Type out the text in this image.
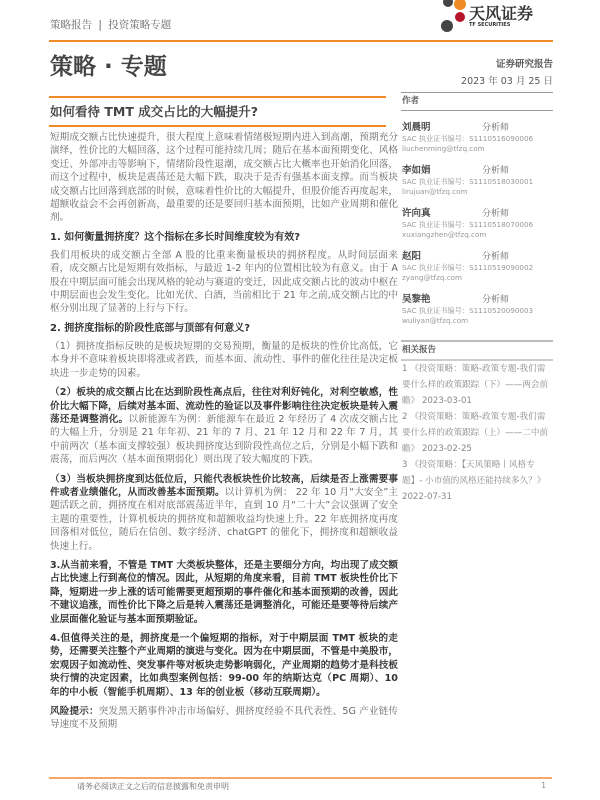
策略报告 | 投资策略专题
天风证券
TF SECURITIES
策略 · 专题	证券研究报告
2023 年 03 月 25 日
如何看待 TMT 成交占比的大幅提升?
短期成交额占比快速提升，很大程度上意味着情绪极短期内进入到高潮，预期充分演绎，性价比的大幅回落，这个过程可能持续几周；随后在基本面预期变化、风格变迁、外部冲击等影响下，情绪阶段性退潮，成交额占比大概率也开始消化回落，而这个过程中，板块是震荡还是大幅下跌，取决于是否有强基本面支撑。而当板块成交额占比回落到底部的时候，意味着性价比的大幅提升，但股价能否再度起来，超额收益会不会再创新高，最重要的还是要回归基本面预期，比如产业周期和催化剂。
1. 如何衡量拥挤度？这个指标在多长时间维度较为有效?
我们用板块的成交额占全部 A 股的比重来衡量板块的拥挤程度。从时间层面来看，成交额占比是短期有效指标，与最近 1-2 年内的位置相比较为有意义。由于 A 股在中期层面可能会出现风格的轮动与赛道的变迁，因此成交额占比的波动中枢在中期层面也会发生变化。比如光伏、白酒，当前相比于 21 年之前,成交额占比的中枢分别出现了显著的上行与下行。
2. 拥挤度指标的阶段性底部与顶部有何意义?
（1）拥挤度指标反映的是板块短期的交易预期，衡量的是板块的性价比高低，它本身并不意味着板块即将涨或者跌，而基本面、流动性、事件的催化往往是决定板块进一步走势的因素。
（2）板块的成交额占比在达到阶段性高点后，往往对利好钝化，对利空敏感，性价比大幅下降，后续对基本面、流动性的验证以及事件影响往往决定板块是转入震荡还是调整消化。以新能源车为例：新能源车在最近 2 年经历了 4 次成交额占比的大幅上升，分别是 21 年年初、21 年的 7 月、21 年 12 月和 22 年 7 月，其中前两次（基本面支撑较强）板块拥挤度达到阶段性高位之后，分别是小幅下跌和震荡，而后两次（基本面预期弱化）则出现了较大幅度的下跌。
（3）当板块拥挤度到达低位后，只能代表板块性价比较高，后续是否上涨需要事件或者业绩催化，从而改善基本面预期。以计算机为例： 22 年 10 月“大安全”主题活跃之前，拥挤度在相对底部震荡近半年，直到 10 月“二十大”会议强调了安全主题的重要性，计算机板块的拥挤度和超额收益均快速上升。22 年底拥挤度再度回落相对低位，随后在信创、数字经济、chatGPT 的催化下，拥挤度和超额收益快速上行。
3.从当前来看，不管是 TMT 大类板块整体，还是主要细分方向，均出现了成交额占比快速上行到高位的情况。因此，从短期的角度来看，目前 TMT 板块性价比下降，短期进一步上涨的话可能需要更超预期的事件催化和基本面预期的改善，因此不建议追涨，而性价比下降之后是转入震荡还是调整消化，可能还是要等待后续产业层面催化验证与基本面预期验证。
4.但值得关注的是，拥挤度是一个偏短期的指标，对于中期层面 TMT 板块的走势，还需要关注整个产业周期的演进与变化。因为在中期层面，不管是中美股市，宏观因子如流动性、突发事件等对板块走势影响弱化，产业周期的趋势才是科技板块行情的决定因素，比如典型案例包括：99-00 年的纳斯达克（PC 周期）、10 年的中小板（智能手机周期）、13 年的创业板（移动互联周期）。
风险提示：突发黑天鹅事件冲击市场偏好、拥挤度经验不具代表性、5G 产业链传导速度不及预期
作者
刘晨明	分析师
SAC 执业证书编号：S1110516090006
liuchenming@tfzq.com
李如娟	分析师
SAC 执业证书编号：S1110518030001
lirujuan@tfzq.com
许向真	分析师
SAC 执业证书编号：S1110518070006
xuxiangzhen@tfzq.com
赵阳	分析师
SAC 执业证书编号：S1110519090002
zyang@tfzq.com
吴黎艳	分析师
SAC 执业证书编号：S1110520090003
wuliyan@tfzq.com
相关报告
1 《投资策略：策略-政策专题-我们需要什么样的政策跟踪（下）——两会前瞻》 2023-03-01
2 《投资策略：策略-政策专题-我们需要什么样的政策跟踪（上）——二中前瞻》 2023-02-25
3 《投资策略：【天风策略丨风格专题】- 小市值的风格还能持续多久？》
2022-07-31
请务必阅读正文之后的信息披露和免责申明	1
